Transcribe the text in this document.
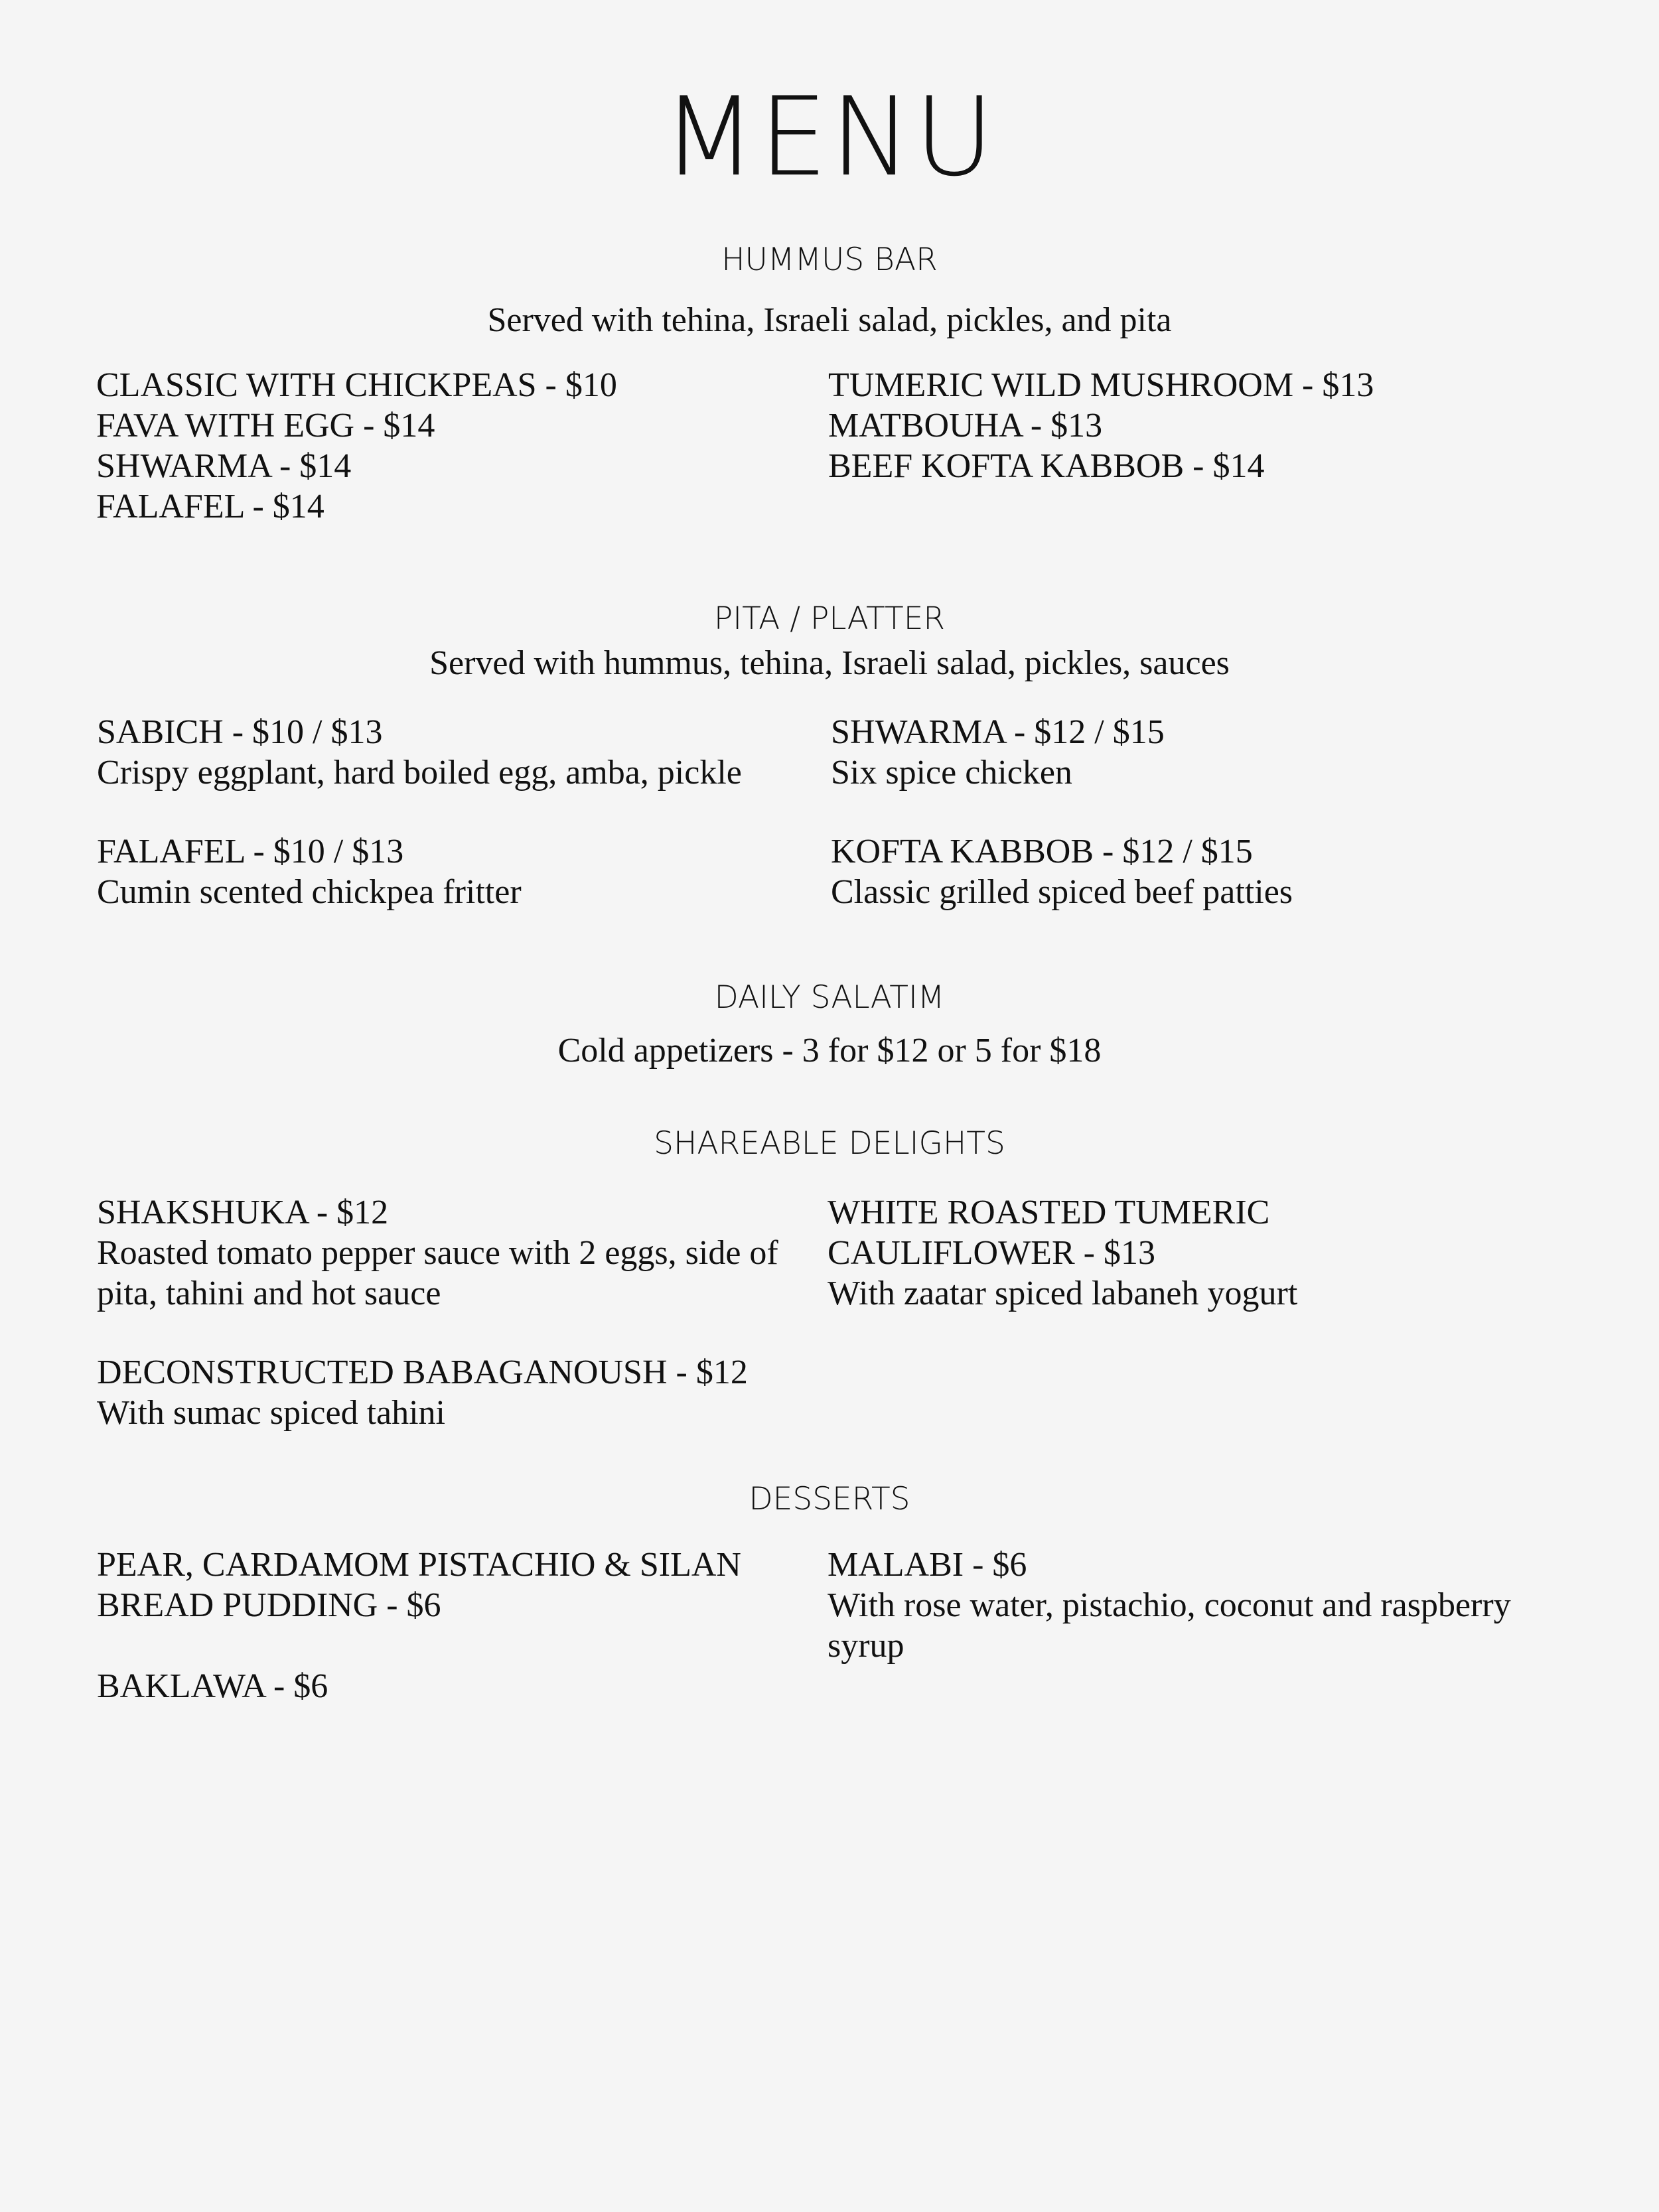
MENU
HUMMUS BAR

Served with tehina, Israeli salad, pickles, and pita

CLASSIC WITH CHICKPEAS - $10
FAVA WITH EGG - $14
SHWARMA - $14
FALAFEL - $14
TUMERIC WILD MUSHROOM - $13
MATBOUHA - $13
BEEF KOFTA KABBOB - $14
PITA / PLATTER

Served with hummus, tehina, Israeli salad, pickles, sauces

SABICH - $10 / $13
Crispy eggplant, hard boiled egg, amba, pickle
SHWARMA - $12 / $15
Six spice chicken
FALAFEL - $10 / $13
Cumin scented chickpea fritter
KOFTA KABBOB - $12 / $15
Classic grilled spiced beef patties
DAILY SALATIM

Cold appetizers - 3 for $12 or 5 for $18

SHAREABLE DELIGHTS
SHAKSHUKA - $12
Roasted tomato pepper sauce with 2 eggs, side of pita, tahini and hot sauce
WHITE ROASTED TUMERIC CAULIFLOWER - $13
With zaatar spiced labaneh yogurt
DECONSTRUCTED BABAGANOUSH - $12
With sumac spiced tahini
DESSERTS
PEAR, CARDAMOM PISTACHIO & SILAN BREAD PUDDING - $6
MALABI - $6
With rose water, pistachio, coconut and raspberry syrup
BAKLAWA - $6
